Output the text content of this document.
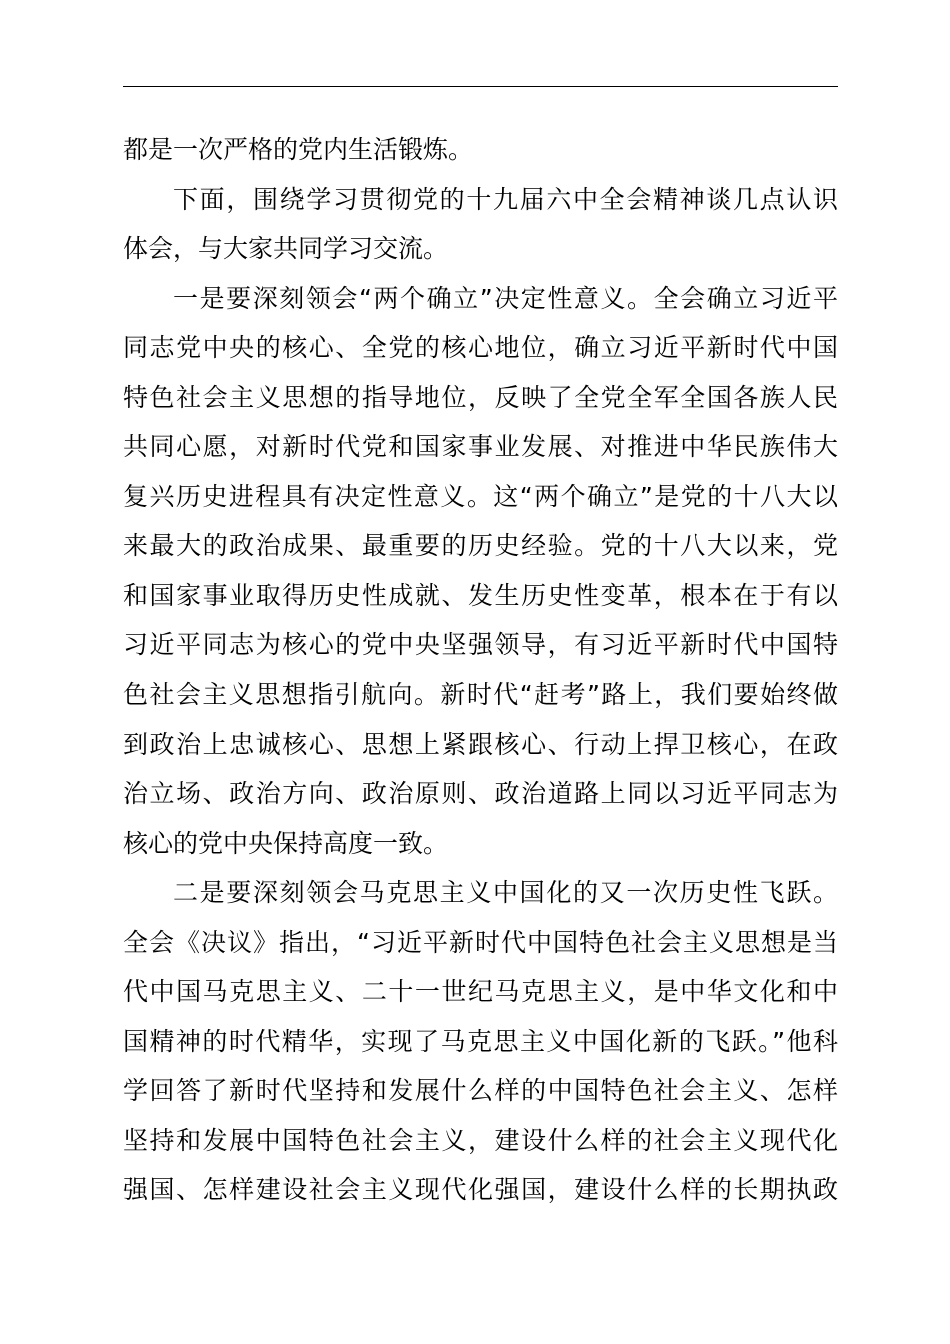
都是一次严格的党内生活锻炼。
下面，围绕学习贯彻党的十九届六中全会精神谈几点认识
体会，与大家共同学习交流。
一是要深刻领会“两个确立”决定性意义。全会确立习近平
同志党中央的核心、全党的核心地位，确立习近平新时代中国
特色社会主义思想的指导地位，反映了全党全军全国各族人民
共同心愿，对新时代党和国家事业发展、对推进中华民族伟大
复兴历史进程具有决定性意义。这“两个确立”是党的十八大以
来最大的政治成果、最重要的历史经验。党的十八大以来，党
和国家事业取得历史性成就、发生历史性变革，根本在于有以
习近平同志为核心的党中央坚强领导，有习近平新时代中国特
色社会主义思想指引航向。新时代“赶考”路上，我们要始终做
到政治上忠诚核心、思想上紧跟核心、行动上捍卫核心，在政
治立场、政治方向、政治原则、政治道路上同以习近平同志为
核心的党中央保持高度一致。
二是要深刻领会马克思主义中国化的又一次历史性飞跃。
全会《决议》指出，“习近平新时代中国特色社会主义思想是当
代中国马克思主义、二十一世纪马克思主义，是中华文化和中
国精神的时代精华，实现了马克思主义中国化新的飞跃。”他科
学回答了新时代坚持和发展什么样的中国特色社会主义、怎样
坚持和发展中国特色社会主义，建设什么样的社会主义现代化
强国、怎样建设社会主义现代化强国，建设什么样的长期执政
